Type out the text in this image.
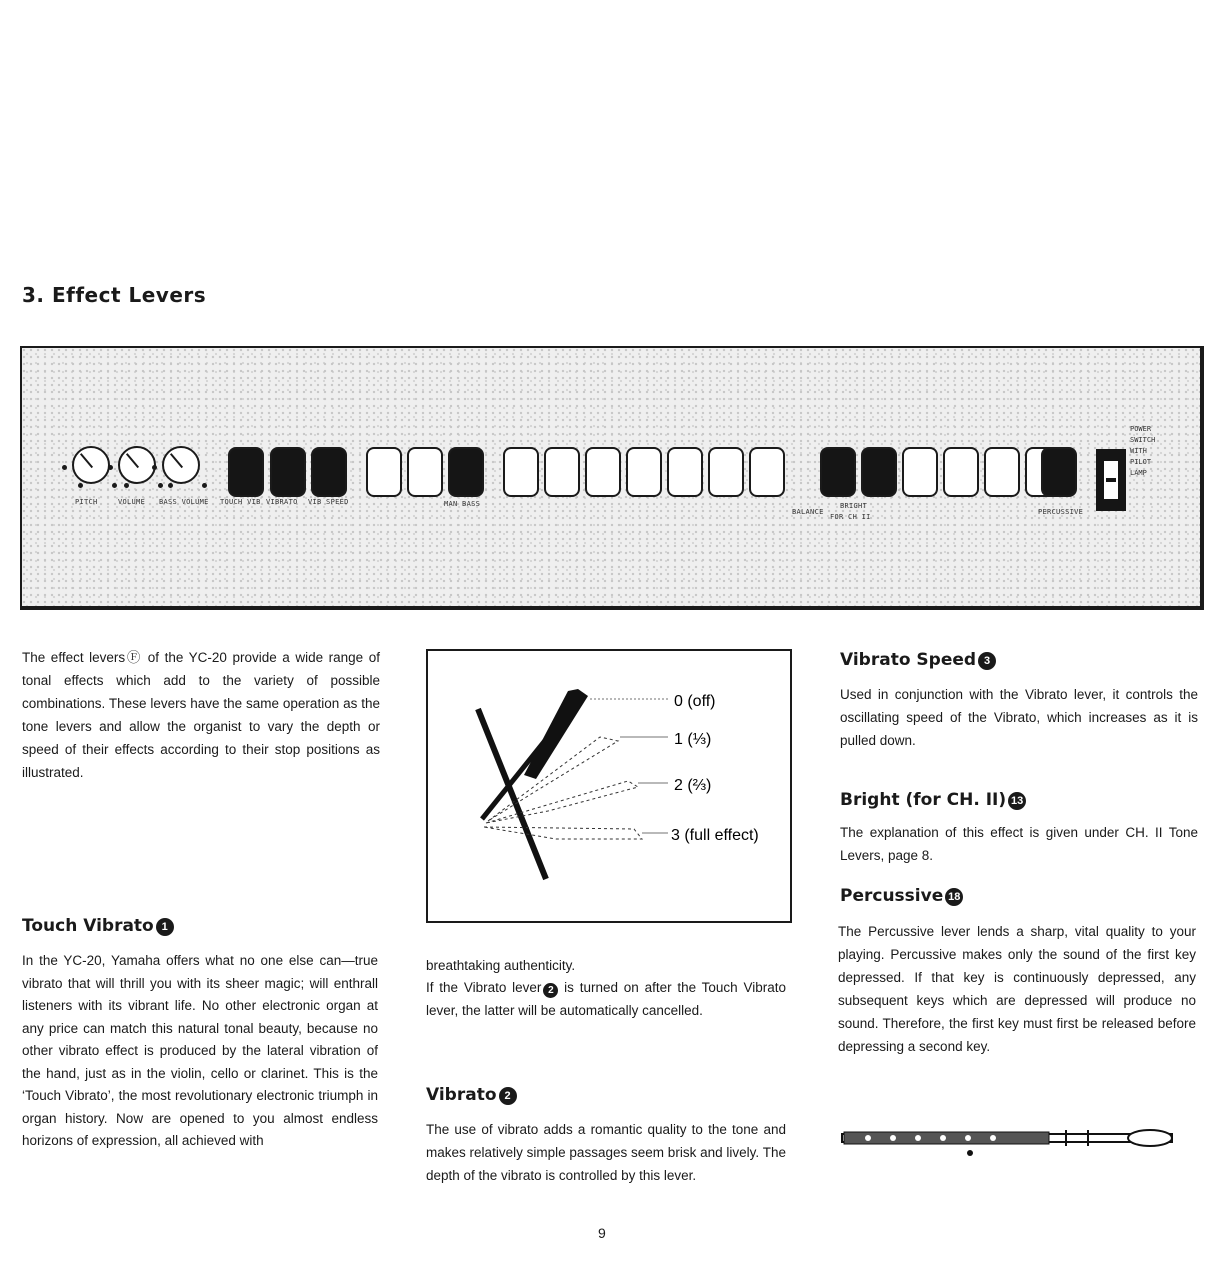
3. Effect Levers
PITCH	VOLUME BASS VOLUME TOUCH VIB VIBRATO VIB SPEED	MAN BASS
BALANCE
BRIGHT
FOR CH II
PERCUSSIVE
POWER
SWITCH
WITH
PILOT
LAMP

The effect leversⒻ of the YC-20 provide a wide range of tonal effects which add to the variety of possible combinations. These levers have the same operation as the tone levers and allow the organist to vary the depth or speed of their effects according to their stop positions as illustrated.

Touch Vibrato 1

In the YC-20, Yamaha offers what no one else can—true vibrato that will thrill you with its sheer magic; will enthrall listeners with its vibrant life. No other electronic organ at any price can match this natural tonal beauty, because no other vibrato effect is produced by the lateral vibration of the hand, just as in the violin, cello or clarinet. This is the ‘Touch Vibrato’, the most revolutionary electronic triumph in organ history. Now are opened to you almost endless horizons of expression, all achieved with

0 (off)
1 (⅓)
2 (⅔)
3 (full effect)

breathtaking authenticity.

If the Vibrato lever 2 is turned on after the Touch Vibrato lever, the latter will be automatically cancelled.

Vibrato 2

The use of vibrato adds a romantic quality to the tone and makes relatively simple passages seem brisk and lively. The depth of the vibrato is controlled by this lever.

Vibrato Speed 3

Used in conjunction with the Vibrato lever, it controls the oscillating speed of the Vibrato, which increases as it is pulled down.

Bright (for CH. II) 13

The explanation of this effect is given under CH. II Tone Levers, page 8.

Percussive 18

The Percussive lever lends a sharp, vital quality to your playing. Percussive makes only the sound of the first key depressed. If that key is continuously depressed, any subsequent keys which are depressed will produce no sound. Therefore, the first key must first be released before depressing a second key.

9
